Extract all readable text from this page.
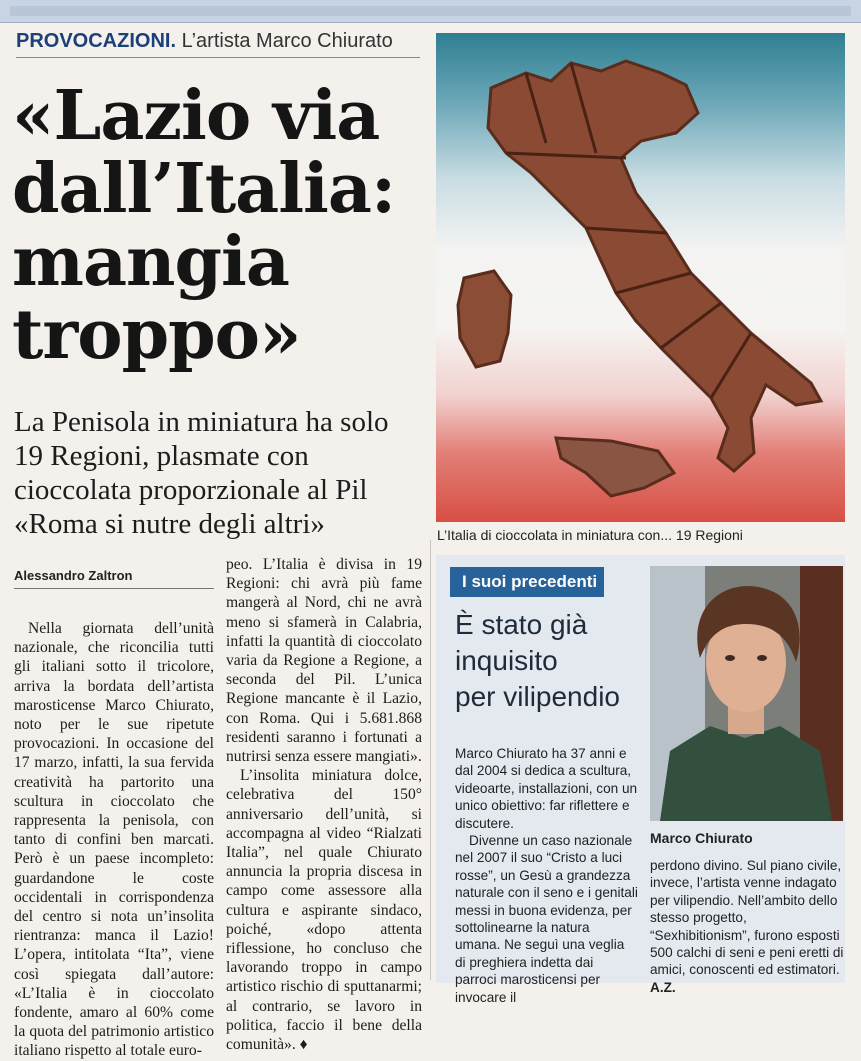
PROVOCAZIONI. L’artista Marco Chiurato
«Lazio via
dall’Italia:
mangia
troppo»
La Penisola in miniatura ha solo
19 Regioni, plasmate con
cioccolata proporzionale al Pil
«Roma si nutre degli altri»	L’Italia di cioccolata in miniatura con... 19 Regioni
Alessandro Zaltron
Nella giornata dell’unità nazionale, che riconcilia tutti gli italiani sotto il tricolore, arriva la bordata dell’artista marosticense Marco Chiurato, noto per le sue ripetute provocazioni. In occasione del 17 marzo, infatti, la sua fervida creatività ha partorito una scultura in cioccolato che rappresenta la penisola, con tanto di confini ben marcati. Però è un paese incompleto: guardandone le coste occidentali in corrispondenza del centro si nota un’insolita rientranza: manca il Lazio! L’opera, intitolata “Ita”, viene così spiegata dall’autore: «L’Italia è in cioccolato fondente, amaro al 60% come la quota del patrimonio artistico italiano rispetto al totale euro-

peo. L’Italia è divisa in 19 Regioni: chi avrà più fame mangerà al Nord, chi ne avrà meno si sfamerà in Calabria, infatti la quantità di cioccolato varia da Regione a Regione, a seconda del Pil. L’unica Regione mancante è il Lazio, con Roma. Qui i 5.681.868 residenti saranno i fortunati a nutrirsi senza essere mangiati».

L’insolita miniatura dolce, celebrativa del 150° anniversario dell’unità, si accompagna al video “Rialzati Italia”, nel quale Chiurato annuncia la propria discesa in campo come assessore alla cultura e aspirante sindaco, poiché, «dopo attenta riflessione, ho concluso che lavorando troppo in campo artistico rischio di sputtanarmi; al contrario, se lavoro in politica, faccio il bene della comunità». ♦

I suoi precedenti
È stato già
inquisito
per vilipendio
Marco Chiurato

Marco Chiurato ha 37 anni e dal 2004 si dedica a scultura, videoarte, installazioni, con un unico obiettivo: far riflettere e discutere.

Divenne un caso nazionale nel 2007 il suo “Cristo a luci rosse”, un Gesù a grandezza naturale con il seno e i genitali messi in buona evidenza, per sottolinearne la natura umana. Ne seguì una veglia di preghiera indetta dai parroci marosticensi per invocare il

perdono divino. Sul piano civile, invece, l’artista venne indagato per vilipendio. Nell’ambito dello stesso progetto, “Sexhibitionism”, furono esposti 500 calchi di seni e peni eretti di amici, conoscenti ed estimatori. A.Z.
